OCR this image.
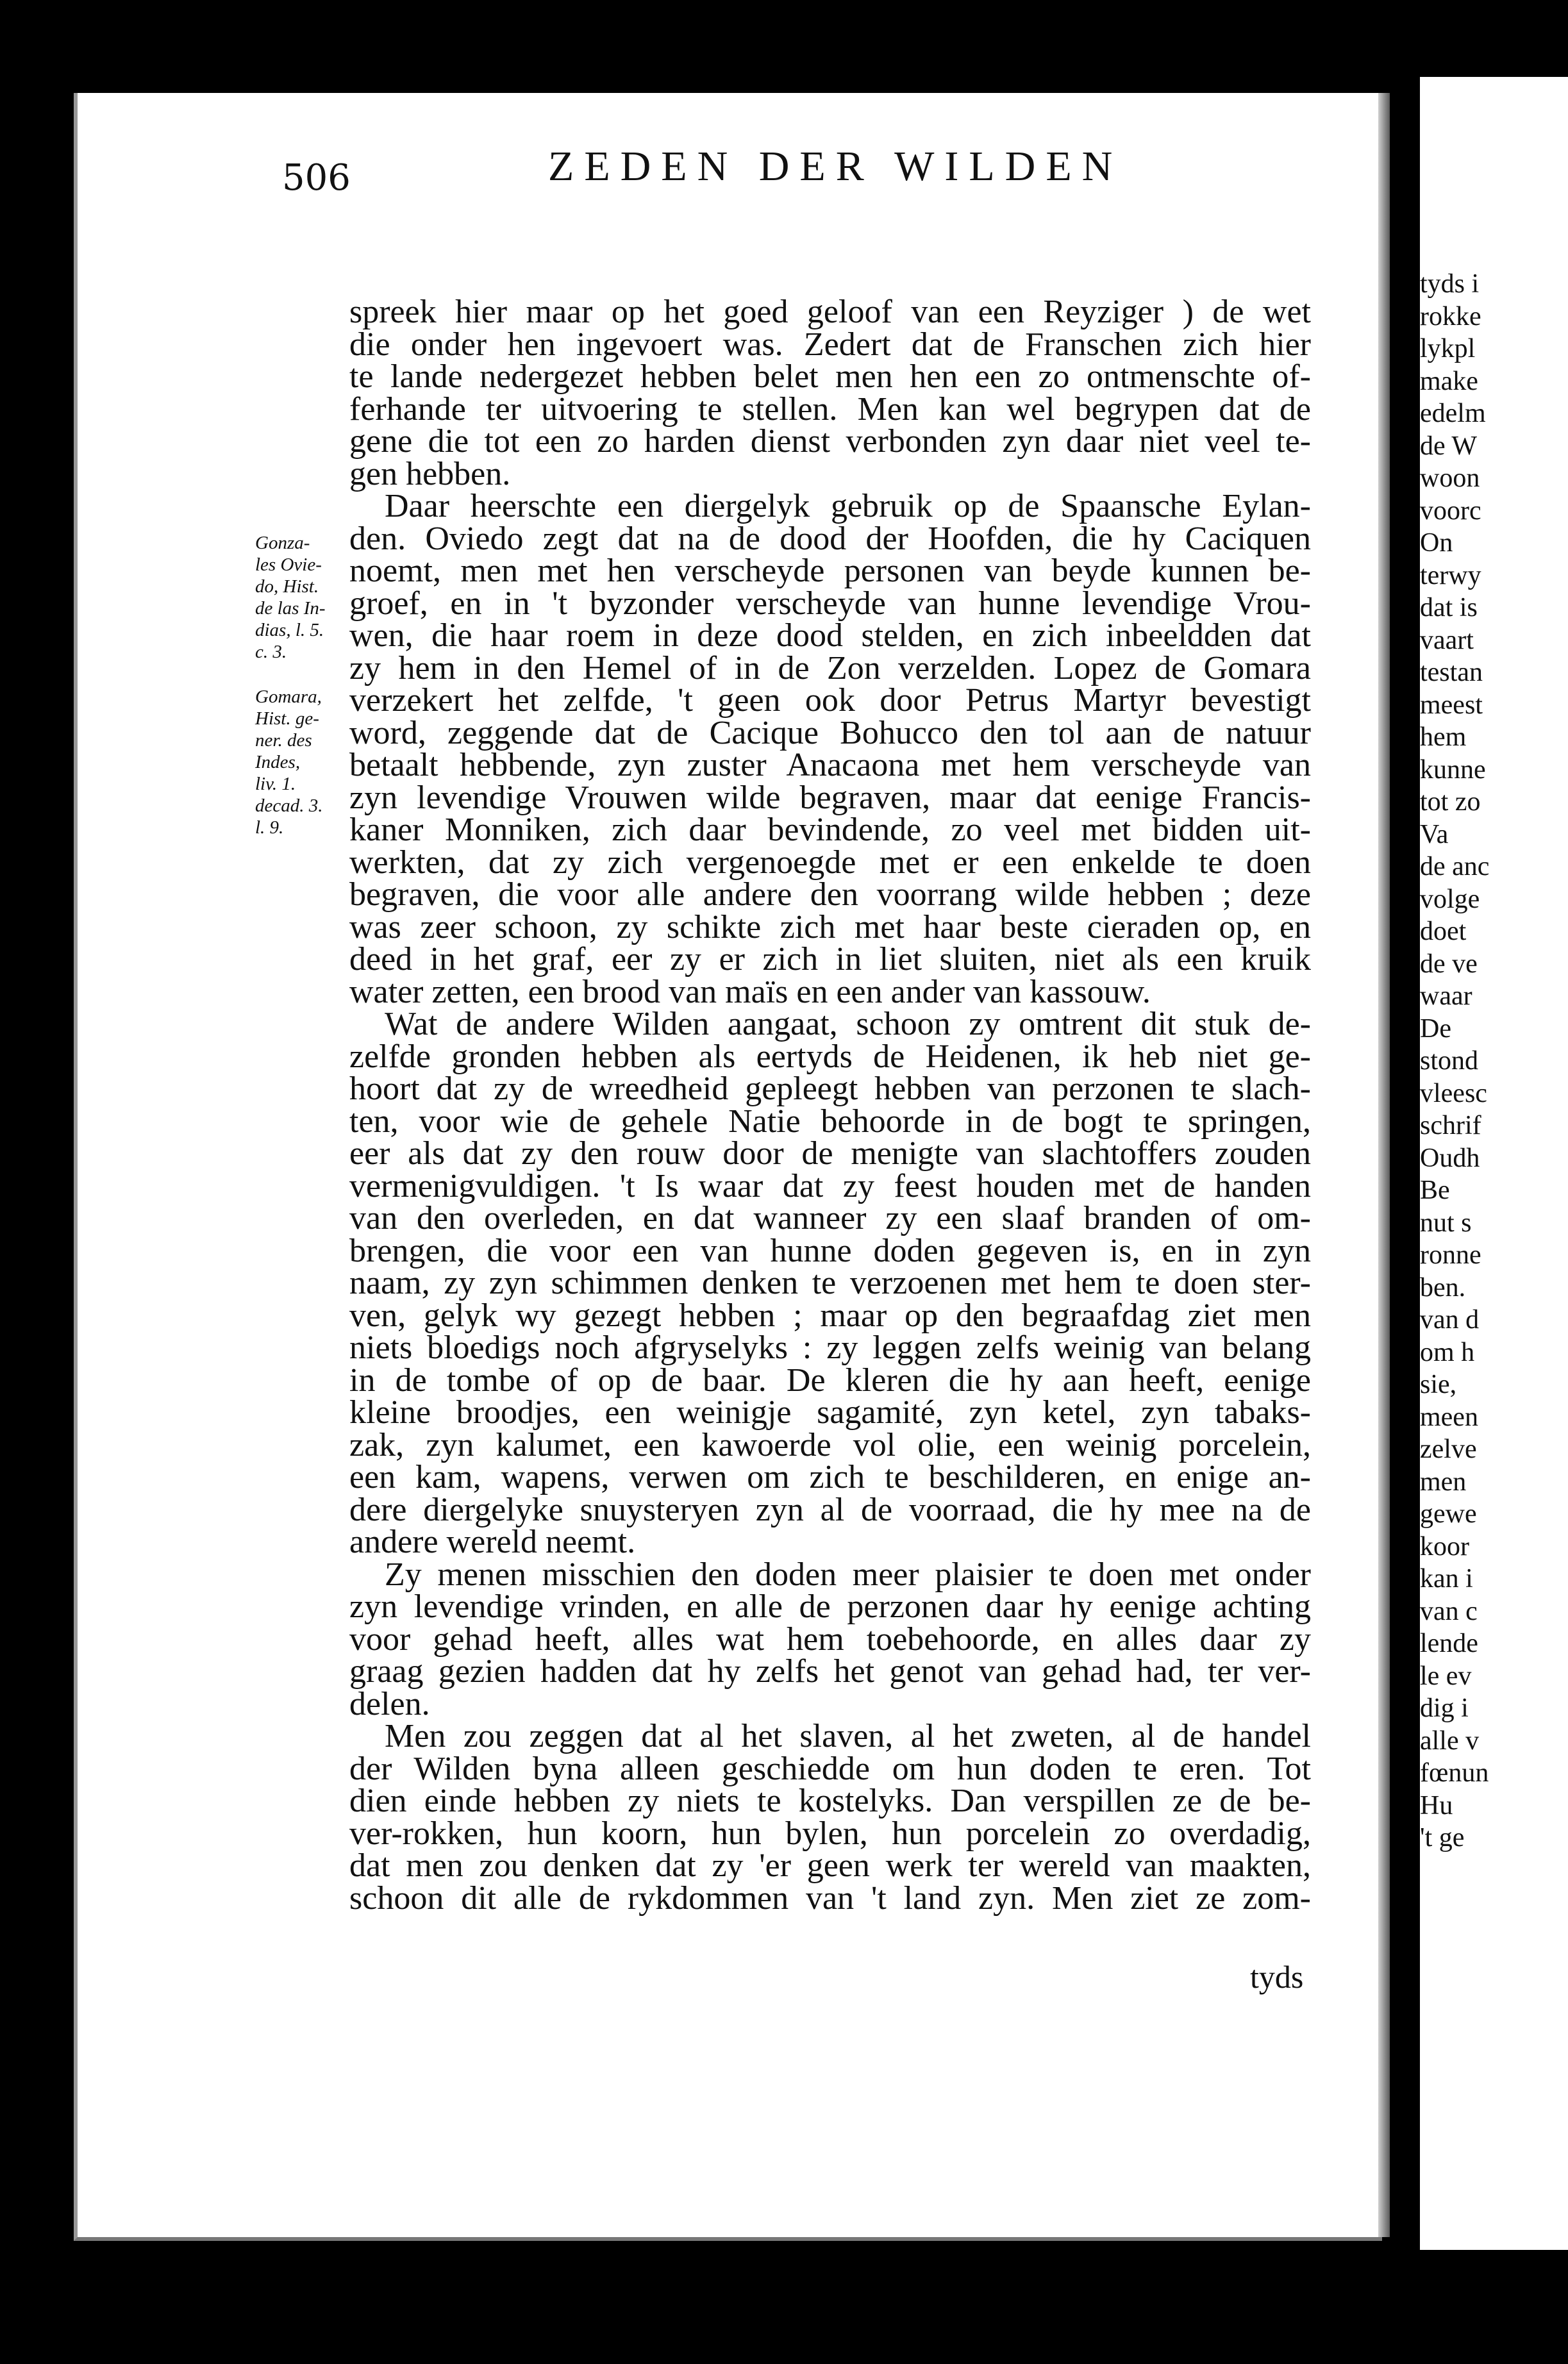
tyds i
rokke
lykpl
make
edelm
de W
woon
voorc
On
terwy
dat is
vaart
testan
meest
hem
kunne
tot zo
Va
de anc
volge
doet
de ve
waar
De
stond
vleesc
schrif
Oudh
Be
nut s
ronne
ben.
van d
om h
sie,
meen
zelve
men
gewe
koor
kan i
van c
lende
le ev
dig i
alle v
fœnun
Hu
't ge
506	ZEDEN DER WILDEN
Gonza-
les Ovie-
do, Hist.
de las In-
dias, l. 5.
c. 3.
Gomara,
Hist. ge-
ner. des
Indes,
liv. 1.
decad. 3.
l. 9.
spreek hier maar op het goed geloof van een Reyziger ) de wet
die onder hen ingevoert was. Zedert dat de Franschen zich hier
te lande nedergezet hebben belet men hen een zo ontmenschte of-
ferhande ter uitvoering te stellen. Men kan wel begrypen dat de
gene die tot een zo harden dienst verbonden zyn daar niet veel te-
gen hebben.
Daar heerschte een diergelyk gebruik op de Spaansche Eylan-
den. Oviedo zegt dat na de dood der Hoofden, die hy Caciquen
noemt, men met hen verscheyde personen van beyde kunnen be-
groef, en in 't byzonder verscheyde van hunne levendige Vrou-
wen, die haar roem in deze dood stelden, en zich inbeeldden dat
zy hem in den Hemel of in de Zon verzelden. Lopez de Gomara
verzekert het zelfde, 't geen ook door Petrus Martyr bevestigt
word, zeggende dat de Cacique Bohucco den tol aan de natuur
betaalt hebbende, zyn zuster Anacaona met hem verscheyde van
zyn levendige Vrouwen wilde begraven, maar dat eenige Francis-
kaner Monniken, zich daar bevindende, zo veel met bidden uit-
werkten, dat zy zich vergenoegde met er een enkelde te doen
begraven, die voor alle andere den voorrang wilde hebben ; deze
was zeer schoon, zy schikte zich met haar beste cieraden op, en
deed in het graf, eer zy er zich in liet sluiten, niet als een kruik
water zetten, een brood van maïs en een ander van kassouw.
Wat de andere Wilden aangaat, schoon zy omtrent dit stuk de-
zelfde gronden hebben als eertyds de Heidenen, ik heb niet ge-
hoort dat zy de wreedheid gepleegt hebben van perzonen te slach-
ten, voor wie de gehele Natie behoorde in de bogt te springen,
eer als dat zy den rouw door de menigte van slachtoffers zouden
vermenigvuldigen. 't Is waar dat zy feest houden met de handen
van den overleden, en dat wanneer zy een slaaf branden of om-
brengen, die voor een van hunne doden gegeven is, en in zyn
naam, zy zyn schimmen denken te verzoenen met hem te doen ster-
ven, gelyk wy gezegt hebben ; maar op den begraafdag ziet men
niets bloedigs noch afgryselyks : zy leggen zelfs weinig van belang
in de tombe of op de baar. De kleren die hy aan heeft, eenige
kleine broodjes, een weinigje sagamité, zyn ketel, zyn tabaks-
zak, zyn kalumet, een kawoerde vol olie, een weinig porcelein,
een kam, wapens, verwen om zich te beschilderen, en enige an-
dere diergelyke snuysteryen zyn al de voorraad, die hy mee na de
andere wereld neemt.
Zy menen misschien den doden meer plaisier te doen met onder
zyn levendige vrinden, en alle de perzonen daar hy eenige achting
voor gehad heeft, alles wat hem toebehoorde, en alles daar zy
graag gezien hadden dat hy zelfs het genot van gehad had, ter ver-
delen.
Men zou zeggen dat al het slaven, al het zweten, al de handel
der Wilden byna alleen geschiedde om hun doden te eren. Tot
dien einde hebben zy niets te kostelyks. Dan verspillen ze de be-
ver-rokken, hun koorn, hun bylen, hun porcelein zo overdadig,
dat men zou denken dat zy 'er geen werk ter wereld van maakten,
schoon dit alle de rykdommen van 't land zyn. Men ziet ze zom-
tyds
